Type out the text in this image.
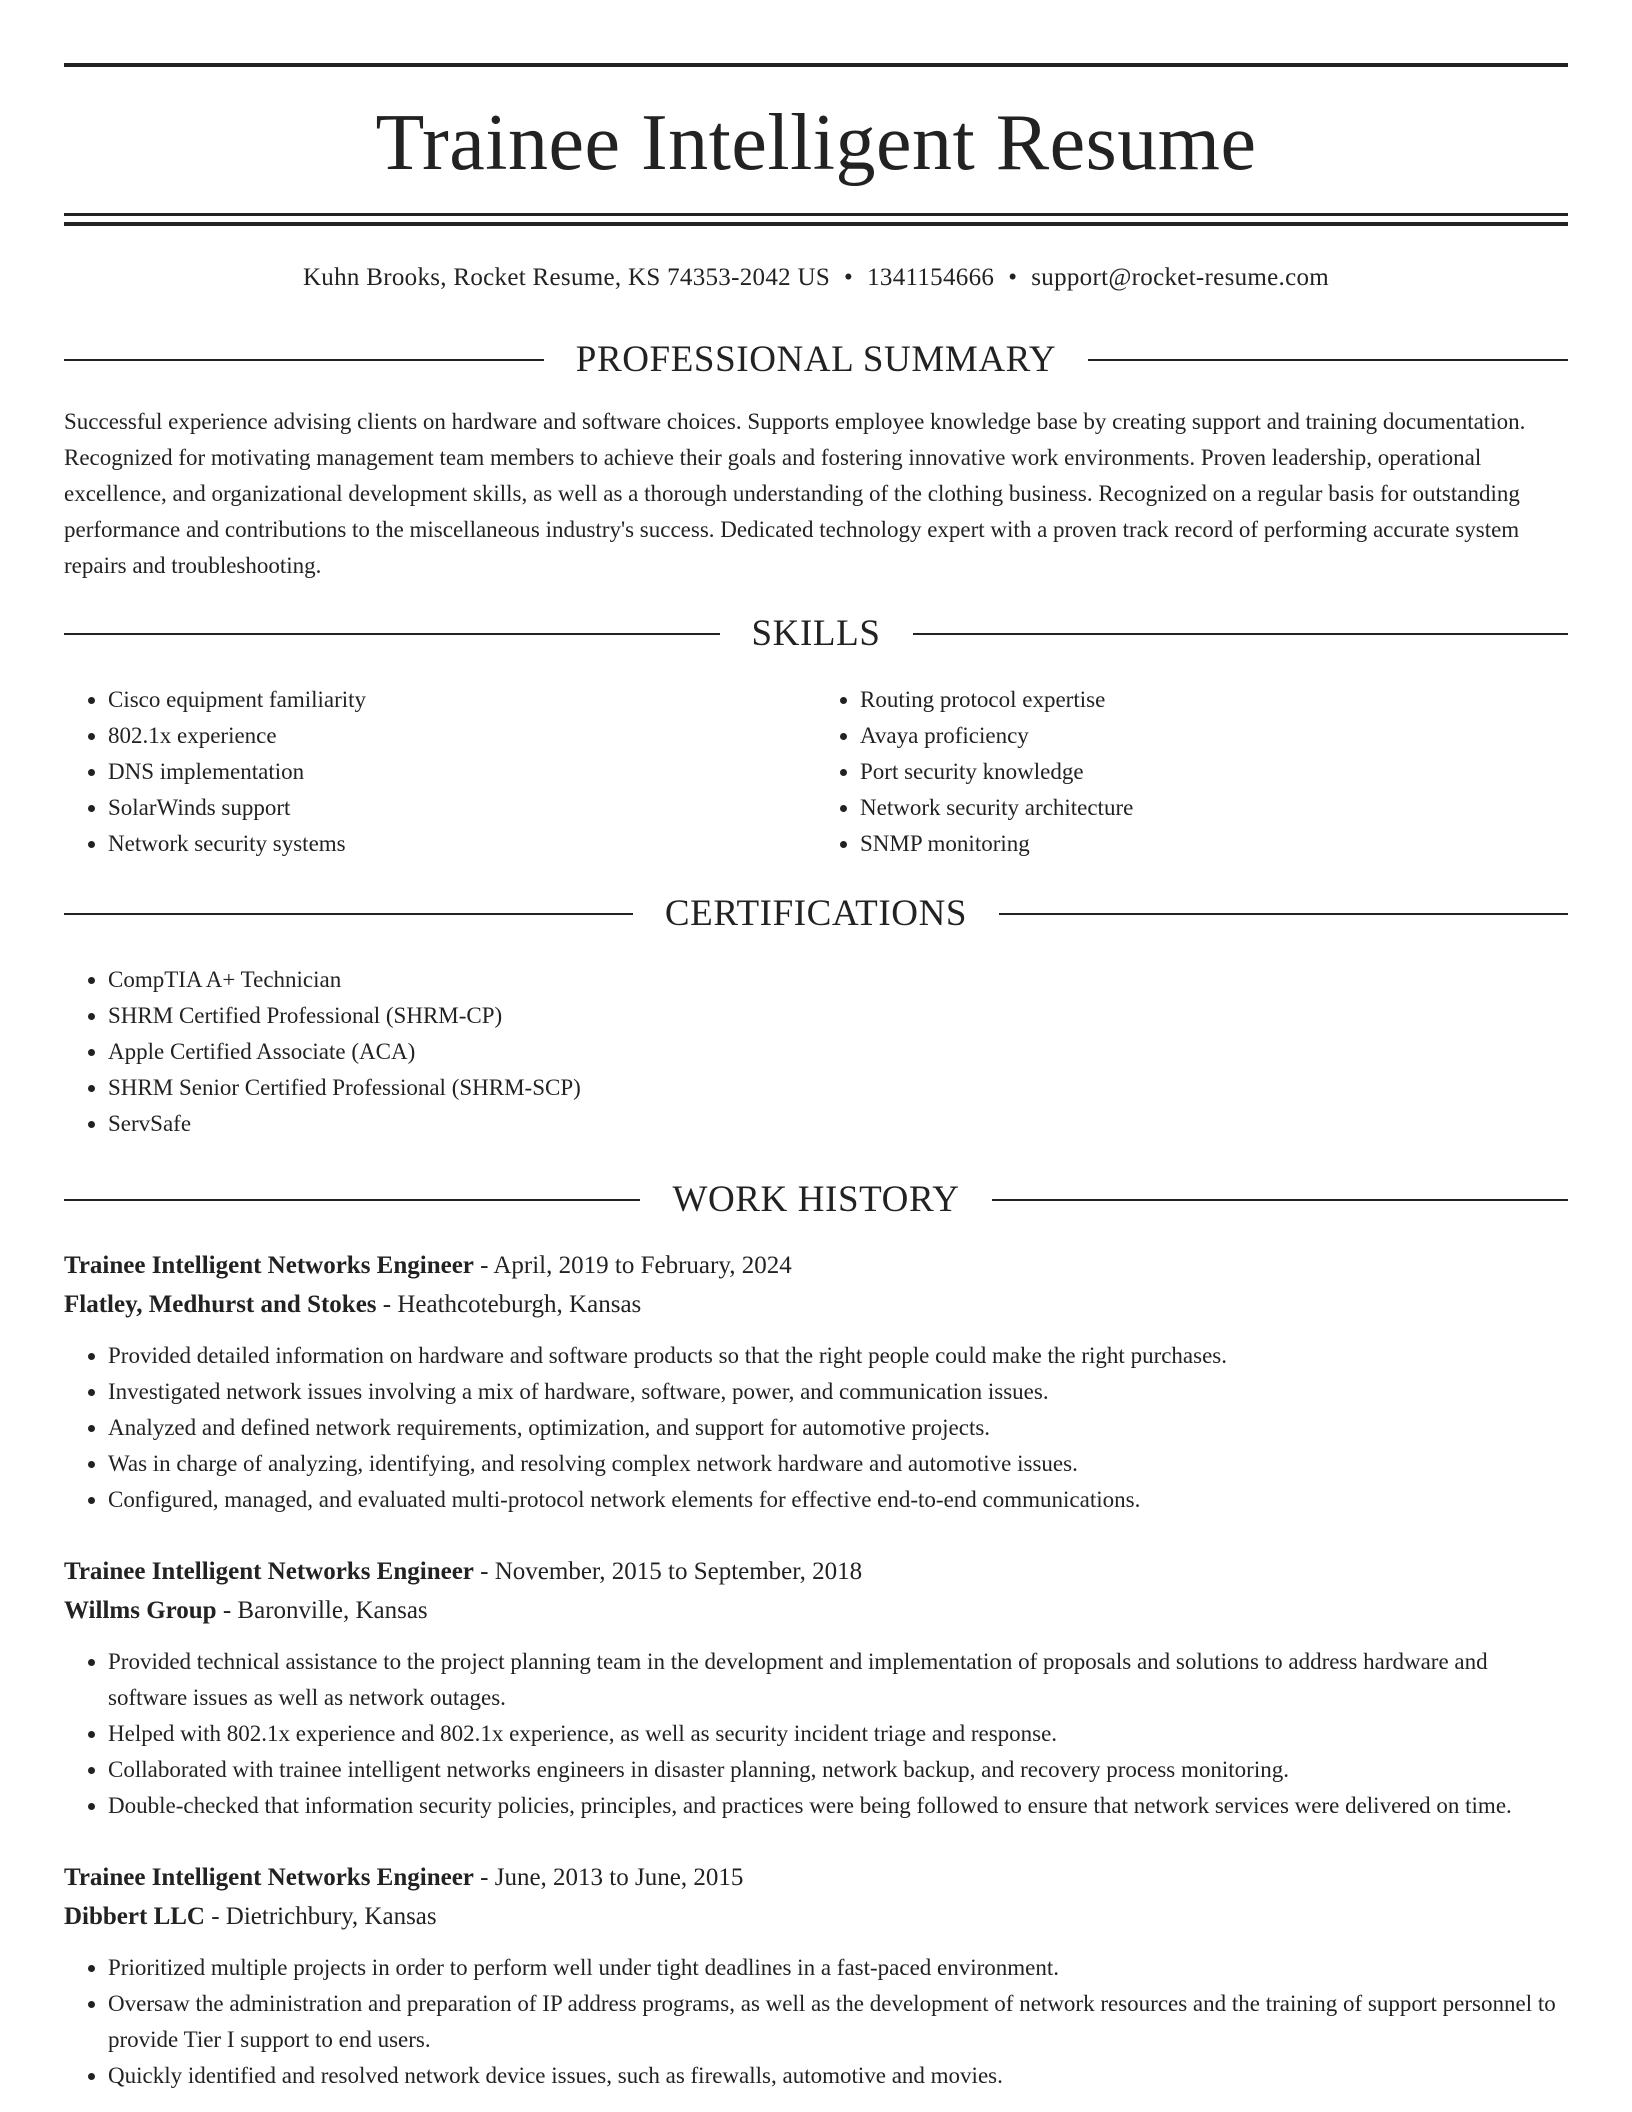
Trainee Intelligent Resume
Kuhn Brooks, Rocket Resume, KS 74353-2042 US • 1341154666 • support@rocket-resume.com
PROFESSIONAL SUMMARY

Successful experience advising clients on hardware and software choices. Supports employee knowledge base by creating support and training documentation. Recognized for motivating management team members to achieve their goals and fostering innovative work environments. Proven leadership, operational excellence, and organizational development skills, as well as a thorough understanding of the clothing business. Recognized on a regular basis for outstanding performance and contributions to the miscellaneous industry's success. Dedicated technology expert with a proven track record of performing accurate system repairs and troubleshooting.

SKILLS
• Cisco equipment familiarity
• 802.1x experience
• DNS implementation
• SolarWinds support
• Network security systems
• Routing protocol expertise
• Avaya proficiency
• Port security knowledge
• Network security architecture
• SNMP monitoring
CERTIFICATIONS
• CompTIA A+ Technician
• SHRM Certified Professional (SHRM-CP)
• Apple Certified Associate (ACA)
• SHRM Senior Certified Professional (SHRM-SCP)
• ServSafe
WORK HISTORY
Trainee Intelligent Networks Engineer - April, 2019 to February, 2024
Flatley, Medhurst and Stokes - Heathcoteburgh, Kansas
• Provided detailed information on hardware and software products so that the right people could make the right purchases.
• Investigated network issues involving a mix of hardware, software, power, and communication issues.
• Analyzed and defined network requirements, optimization, and support for automotive projects.
• Was in charge of analyzing, identifying, and resolving complex network hardware and automotive issues.
• Configured, managed, and evaluated multi-protocol network elements for effective end-to-end communications.
Trainee Intelligent Networks Engineer - November, 2015 to September, 2018
Willms Group - Baronville, Kansas
• Provided technical assistance to the project planning team in the development and implementation of proposals and solutions to address hardware and software issues as well as network outages.
• Helped with 802.1x experience and 802.1x experience, as well as security incident triage and response.
• Collaborated with trainee intelligent networks engineers in disaster planning, network backup, and recovery process monitoring.
• Double-checked that information security policies, principles, and practices were being followed to ensure that network services were delivered on time.
Trainee Intelligent Networks Engineer - June, 2013 to June, 2015
Dibbert LLC - Dietrichbury, Kansas
• Prioritized multiple projects in order to perform well under tight deadlines in a fast-paced environment.
• Oversaw the administration and preparation of IP address programs, as well as the development of network resources and the training of support personnel to provide Tier I support to end users.
• Quickly identified and resolved network device issues, such as firewalls, automotive and movies.
